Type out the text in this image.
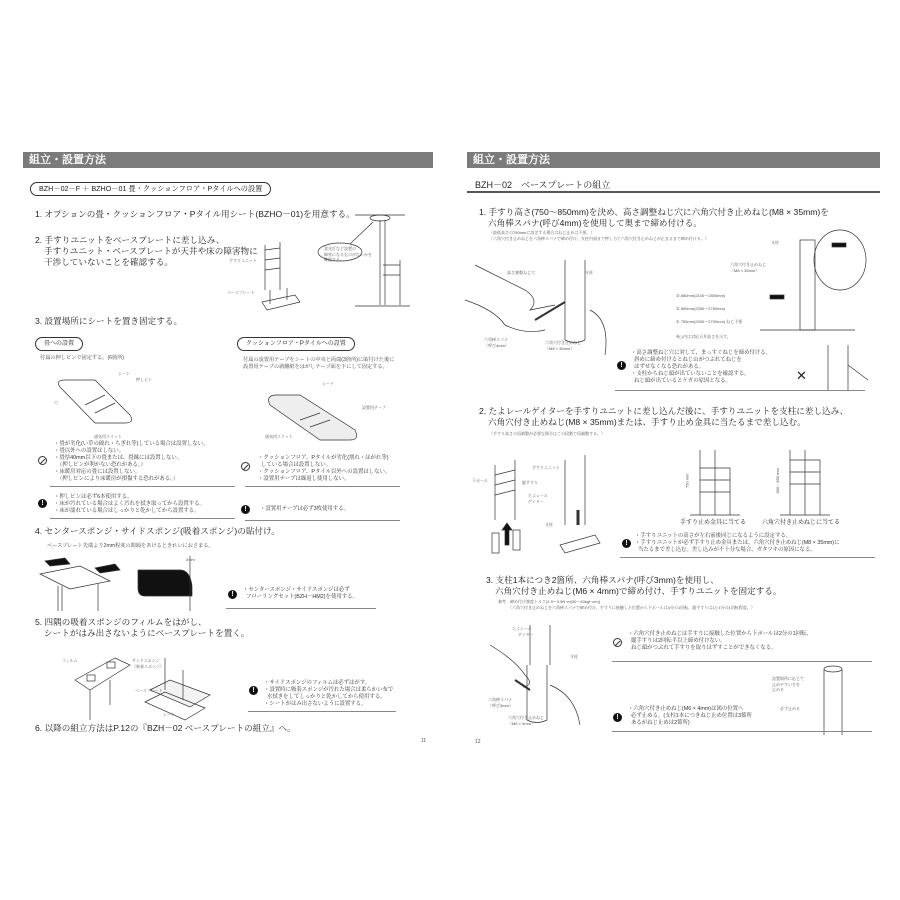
組立・設置方法
BZH－02－F ＋ BZHO－01 畳・クッションフロア・Pタイルへの設置
1. オプションの畳・クッションフロア・Pタイル用シート(BZHO－01)を用意する。
2. 手すりユニットをベースプレートに差し込み、
手すりユニット・ベースプレートが天井や床の障害物に
干渉していないことを確認する。	手すりユニット
ベースプレート
蛍光灯など設置の
障害になるものがないかを
確認する。
3. 設置場所にシートを置き固定する。
畳への設置
付属の押しピンで固定する。(6箇所)
シート
押しピン
穴
通気用スリット
・畳が劣化(い草の破れ・ちぎれ等)している場合は設置しない。
・畳以外への設置はしない。
・畳厚40mm以下の畳または、畳縁には設置しない。
（押しピンが利かない恐れがある。）
・床暖房対応の畳には設置しない。
（押しピンにより床暖房が損傷する恐れがある。）
!
・押しピンは必ず6本使用する。
・床が汚れている場合はよく汚れを拭き取ってから設置する。
・床が濡れている場合はしっかりと乾かしてから設置する。
クッションフロア・Pタイルへの設置
付属の設置用テープをシートの中央と両端(3箇所)に貼付けた後に
設置用テープの剥離紙をはがしテープ面を下にして固定する。
シート
設置用テープ
通気用スリット
・クッションフロア、Pタイルが劣化(割れ・はがれ等)
している場合は設置しない。
・クッションフロア、Pタイル以外への設置はしない。
・設置用テープは繰返し使用しない。
!	・設置用テープは必ず3枚使用する。
4. センタースポンジ・サイドスポンジ(吸着スポンジ)の貼付け。
ベースプレート先端より2mm程度の間隔をあけるときれいにおさまる。
2mm
!
・センタースポンジ・サイドスポンジは必ず
フローリングセット(BZH－HM2)を使用する。
5. 四隅の吸着スポンジのフィルムをはがし、
シートがはみ出さないようにベースプレートを置く。
フィルム	サイドスポンジ
（吸着スポンジ）
ベースプレート
シート
!
・サイドスポンジのフィルムは必ずはがす。
・設置時に吸着スポンジが汚れた場合は柔らかい布で
水拭きをしてしっかりと乾かしてから使用する。
・シートがはみ出さないように設置する。
6. 以降の組立方法はP.12の『BZH－02 ベースプレートの組立』へ。
11
組立・設置方法
BZH－02　ベースプレートの組立
1. 手すり高さ(750～850mm)を決め、高さ調整ねじ穴に六角穴付き止めねじ(M8 × 35mm)を
六角棒スパナ(呼び4mm)を使用して奥まで締め付ける。
（最低高さの750mmに設定する場合はねじ止めは不要。）
（六角穴付き止めねじを六角棒スパナで締め付け、支柱内部まで押し当て六角穴付き止めねじが止まるまで締め付ける。）
高さ調整ねじ穴	支柱
六角棒スパナ
（呼び4mm）	六角穴付き止めねじ
（M8 × 35mm）
支柱
六角穴付き止めねじ
（M8 × 35mm）
③ 850mm(2100～2800mm)
② 800mm(2050～2750mm)
① 750mm(2000～2700mm) ねじ不要
※( )内は対応天井高さを示す。
!
・高さ調整ねじ穴に対して、まっすぐねじを締め付ける。
斜めに締め付けるとねじ山がつぶれてねじを
はずせなくなる恐れがある。
・支柱からねじ頭が出ていないことを確認する。
ねじ頭が出ているとケガの原因となる。	✕
2. たよレールゲイターを手すりユニットに差し込んだ後に、手すりユニットを支柱に差し込み、
六角穴付き止めねじ(M8 × 35mm)または、手すり止め金具に当たるまで差し込む。
（手すり高さの再調整が必要な場合はこの段階で再調整する。）
手すりユニット
下ポール	縦手すり
たよレール
ゲイター
支柱
750 mm	800・850 mm
手すり止め金具に当てる	六角穴付き止めねじに当てる
!
・手すりユニットの高さが左右前後同じになるように設定する。
・手すりユニットが必ず手すり止め金具または、六角穴付き止めねじ(M8 × 35mm)に
当たるまで差し込む。差し込みが不十分な場合、ガタツキの原因になる。
3. 支柱1本につき2箇所、六角棒スパナ(呼び3mm)を使用し、
六角穴付き止めねじ(M6 × 4mm)で締め付け、手すりユニットを固定する。
参考　締め付け強度トルク(2.9～3.9N･m(30～40kgf･cm))
（六角穴付き止めねじを六角棒スパナで締め付け、手すりに接触した位置から下ポールは4分の1回転、縦手すりは1と4分の1回転程度。）
たよレール
ゲイター
支柱
六角棒スパナ
（呼び3mm）
六角穴付き止めねじ
（M6 × 4mm）
・六角穴付き止めねじは手すりに接触した位置から下ポールは2分の1回転、
縦手すりは2回転半以上締め付けない。
ねじ頭がつぶれて手すりを取りはずすことができなくなる。
設置場所に応じて
止めやすい方を
止める
必ず止める
!
・六角穴付き止めねじ(M6 × 4mm)は図の位置へ
必ず止める。(支柱1本につきねじ止め位置は3箇所
あるがねじ止めは2箇所)
12
